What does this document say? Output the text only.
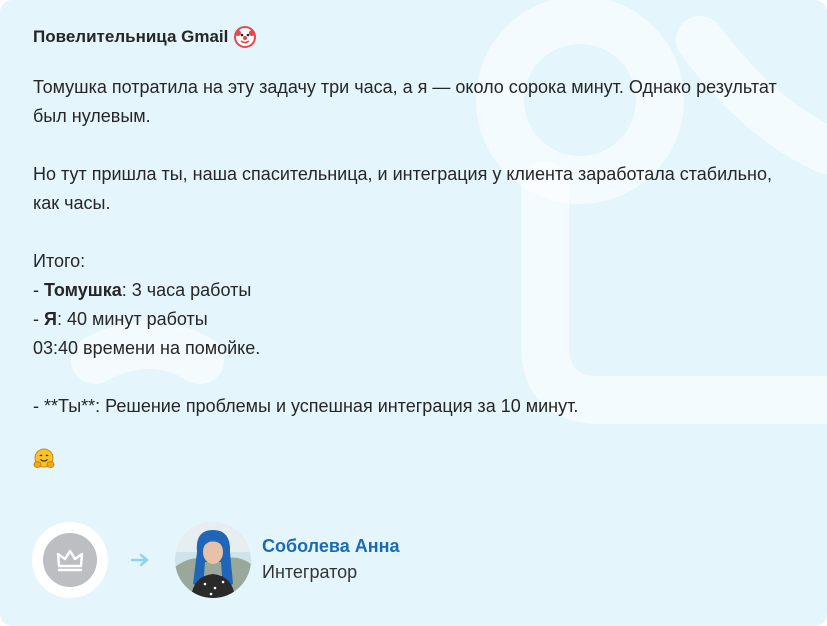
Повелительница Gmail

Томушка потратила на эту задачу три часа, а я — около сорока минут. Однако результат был нулевым.

Но тут пришла ты, наша спасительница, и интеграция у клиента заработала стабильно, как часы.

Итого:
- Томушка: 3 часа работы
- Я: 40 минут работы
03:40 времени на помойке.

- **Ты**: Решение проблемы и успешная интеграция за 10 минут.

Соболева Анна
Интегратор
